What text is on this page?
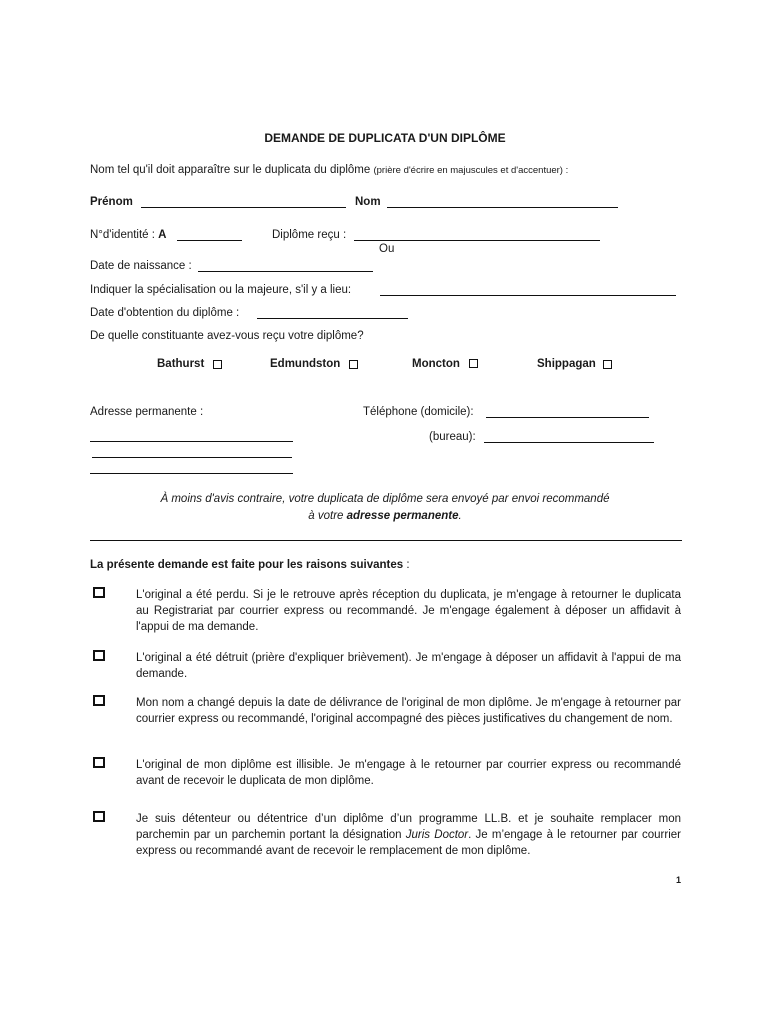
DEMANDE DE DUPLICATA D'UN DIPLÔME
Nom tel qu'il doit apparaître sur le duplicata du diplôme (prière d'écrire en majuscules et d'accentuer) :
Prénom	Nom
N°d'identité : A	Diplôme reçu :
Ou
Date de naissance :
Indiquer la spécialisation ou la majeure, s'il y a lieu:
Date d'obtention du diplôme :
De quelle constituante avez-vous reçu votre diplôme?
Bathurst	Edmundston	Moncton	Shippagan
Adresse permanente :	Téléphone (domicile):
(bureau):
À moins d'avis contraire, votre duplicata de diplôme sera envoyé par envoi recommandé
à votre adresse permanente.
La présente demande est faite pour les raisons suivantes :
L'original a été perdu. Si je le retrouve après réception du duplicata, je m'engage à retourner le duplicata au Registrariat par courrier express ou recommandé. Je m'engage également à déposer un affidavit à l'appui de ma demande.
L'original a été détruit (prière d'expliquer brièvement). Je m'engage à déposer un affidavit à l'appui de ma demande.
Mon nom a changé depuis la date de délivrance de l'original de mon diplôme. Je m'engage à retourner par courrier express ou recommandé, l'original accompagné des pièces justificatives du changement de nom.
L'original de mon diplôme est illisible. Je m'engage à le retourner par courrier express ou recommandé avant de recevoir le duplicata de mon diplôme.
Je suis détenteur ou détentrice d’un diplôme d’un programme LL.B. et je souhaite remplacer mon parchemin par un parchemin portant la désignation Juris Doctor. Je m’engage à le retourner par courrier express ou recommandé avant de recevoir le remplacement de mon diplôme.
1
